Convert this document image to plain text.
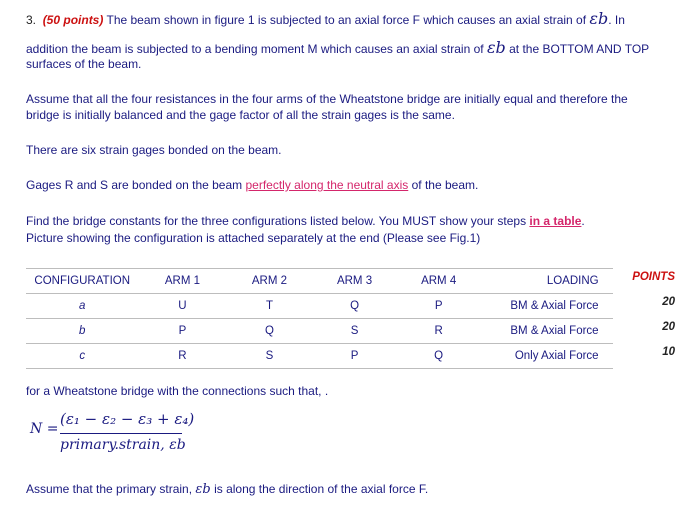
3. (50 points) The beam shown in figure 1 is subjected to an axial force F which causes an axial strain of εb. In
addition the beam is subjected to a bending moment M which causes an axial strain of εb at the BOTTOM AND TOP
surfaces of the beam.
Assume that all the four resistances in the four arms of the Wheatstone bridge are initially equal and therefore the
bridge is initially balanced and the gage factor of all the strain gages is the same.
There are six strain gages bonded on the beam.
Gages R and S are bonded on the beam perfectly along the neutral axis of the beam.
Find the bridge constants for the three configurations listed below. You MUST show your steps in a table.
Picture showing the configuration is attached separately at the end (Please see Fig.1)
CONFIGURATION	ARM 1	ARM 2	ARM 3	ARM 4	LOADING	POINTS
a	U	T	Q	P	BM & Axial Force	20
b	P	Q	S	R	BM & Axial Force	20
c	R	S	P	Q	Only Axial Force	10
for a Wheatstone bridge with the connections such that, .
N =
(ε₁ − ε₂ − ε₃ + ε₄)
primary.strain, εb
Assume that the primary strain, εb is along the direction of the axial force F.
